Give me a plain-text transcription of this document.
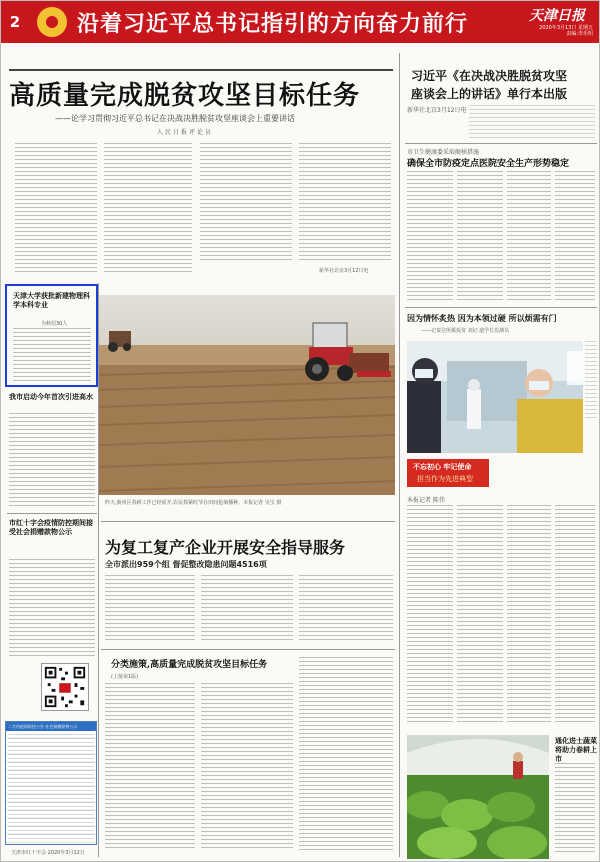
2	沿着习近平总书记指引的方向奋力前行	天津日报
2020年3月13日 星期五
责编:李乐明
高质量完成脱贫攻坚目标任务
——论学习贯彻习近平总书记在决战决胜脱贫攻坚座谈会上重要讲话
人民日报评论员
新华社北京3月12日电
习近平《在决战决胜脱贫攻坚
座谈会上的讲话》单行本出版
新华社北京3月12日电
市卫生健康委采取硬核措施
确保全市防疫定点医院安全生产形势稳定
因为情怀炙热 因为本领过硬 所以烦需有门
——记秦达所援投资 刘记·道学长监测员
不忘初心 牢记使命
担当作为先进典型
本报记者 陈伟
通化进士蔬菜将助力春耕上市
天津大学获批新建物理科学本科专业
为秋招30人
我市启动今年首次引进高水
市红十字会疫情防控期间接受社会捐赠款物公示
二月份疫情防控公告 社会捐赠款物公示
天津市红十字会 2020年3月12日
昨天,蓟州区春耕工作已经展开,农民抓紧时节在田间抢墒播种。本报记者 吴宝 摄
为复工复产企业开展安全指导服务
全市派出959个组 督促整改隐患问题4516项
分类施策,高质量完成脱贫攻坚目标任务
(上接第1版)
